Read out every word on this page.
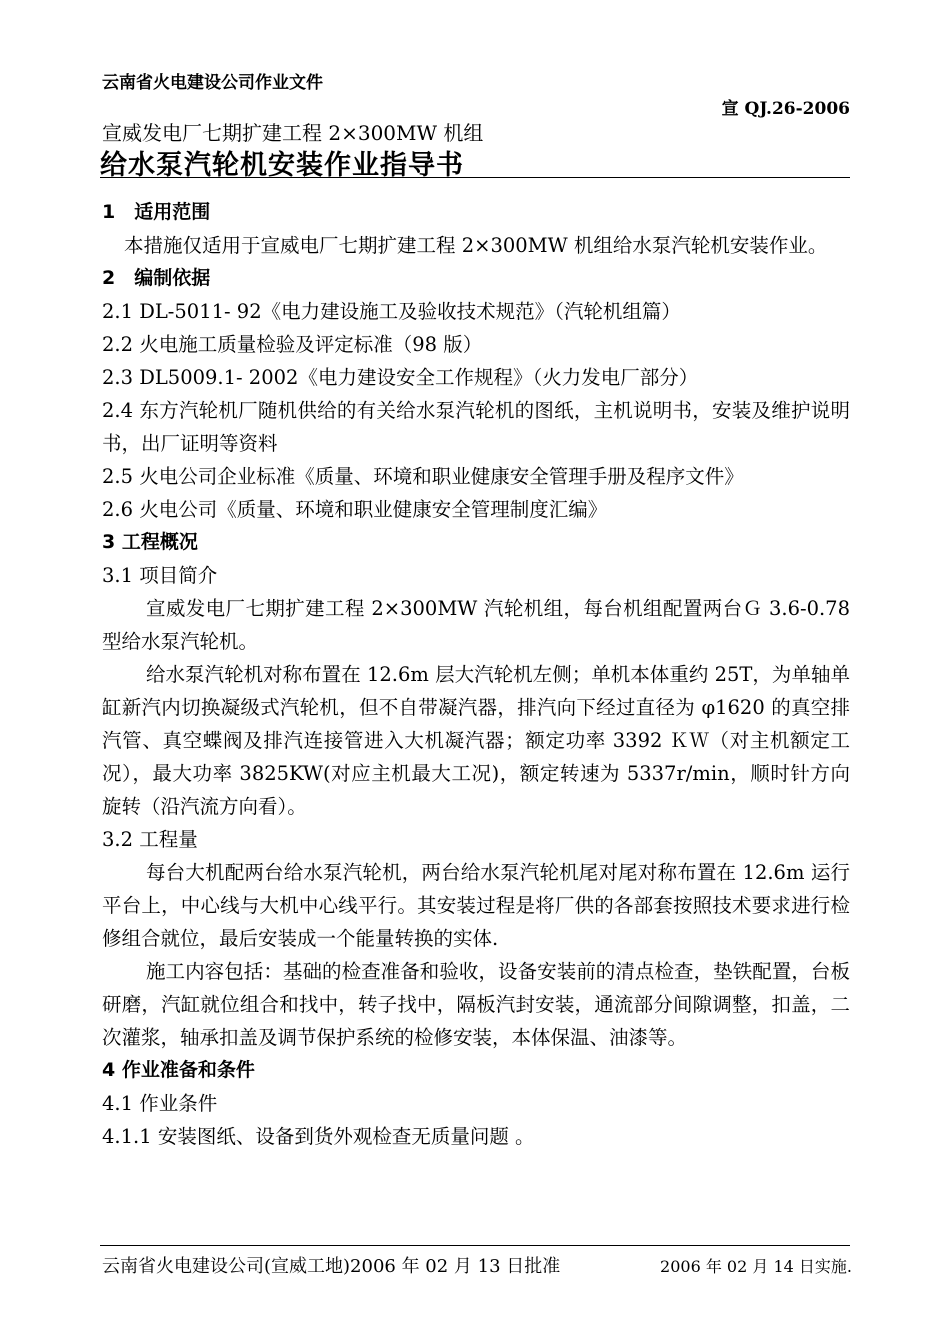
云南省火电建设公司作业文件
宣 QJ.26-2006
宣威发电厂七期扩建工程 2×300MW 机组
给水泵汽轮机安装作业指导书
1　适用范围

本措施仅适用于宣威电厂七期扩建工程 2×300MW 机组给水泵汽轮机安装作业。

2　编制依据
2.1 DL-5011- 92《电力建设施工及验收技术规范》（汽轮机组篇）
2.2 火电施工质量检验及评定标准（98 版）
2.3 DL5009.1- 2002《电力建设安全工作规程》（火力发电厂部分）

2.4 东方汽轮机厂随机供给的有关给水泵汽轮机的图纸，主机说明书，安装及维护说明书，出厂证明等资料

2.5 火电公司企业标准《质量、环境和职业健康安全管理手册及程序文件》
2.6 火电公司《质量、环境和职业健康安全管理制度汇编》
3 工程概况
3.1 项目简介

宣威发电厂七期扩建工程 2×300MW 汽轮机组，每台机组配置两台Ｇ 3.6-0.78 型给水泵汽轮机。

给水泵汽轮机对称布置在 12.6m 层大汽轮机左侧；单机本体重约 25T，为单轴单缸新汽内切换凝级式汽轮机，但不自带凝汽器，排汽向下经过直径为 φ1620 的真空排汽管、真空蝶阀及排汽连接管进入大机凝汽器；额定功率 3392 ＫＷ（对主机额定工况），最大功率 3825KW(对应主机最大工况)，额定转速为 5337r/min，顺时针方向旋转（沿汽流方向看）。

3.2 工程量

每台大机配两台给水泵汽轮机，两台给水泵汽轮机尾对尾对称布置在 12.6m 运行平台上，中心线与大机中心线平行。其安装过程是将厂供的各部套按照技术要求进行检修组合就位，最后安装成一个能量转换的实体.

施工内容包括：基础的检查准备和验收，设备安装前的清点检查，垫铁配置，台板研磨，汽缸就位组合和找中，转子找中，隔板汽封安装，通流部分间隙调整，扣盖，二次灌浆，轴承扣盖及调节保护系统的检修安装，本体保温、油漆等。

4 作业准备和条件
4.1 作业条件
4.1.1 安装图纸、设备到货外观检查无质量问题 。
云南省火电建设公司(宣威工地)2006 年 02 月 13 日批准	2006 年 02 月 14 日实施.
